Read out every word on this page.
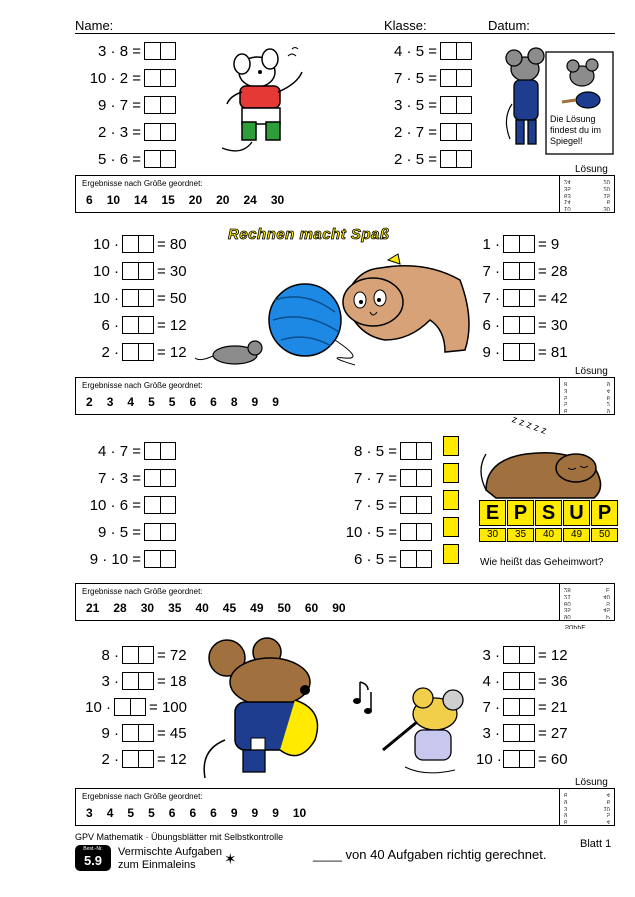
Name:	Klasse:	Datum:
3 · 8 =
10 · 2 =
9 · 7 =
2 · 3 =
5 · 6 =
4 · 5 =
7 · 5 =
3 · 5 =
2 · 7 =
2 · 5 =
Die Lösung findest du im Spiegel!
Lösung
Ergebnisse nach Größe geordnet:
6 10 14 15 20 20 24 30
24	20
35	20
63	15
14	6
10	30
10 ·	= 80
10 ·	= 30
10 ·	= 50
6 ·	= 12
2 ·	= 12
1 ·	= 9
7 ·	= 28
7 ·	= 42
6 ·	= 30
9 ·	= 81
Rechnen macht Spaß
Lösung
Ergebnisse nach Größe geordnet:
2 3 4 5 5 6 6 8 9 9
8	9
3	4
5	6
5	2
6	9
4 · 7 =
7 · 3 =
10 · 6 =
9 · 5 =
9 · 10 =
8 · 5 =
7 · 7 =
7 · 5 =
10 · 5 =
6 · 5 =
z z z z z
E
30
P
35
S
40
U
49
P
50
Wie heißt das Geheimwort?
Ergebnisse nach Größe geordnet:
21 28 30 35 40 45 49 50 60 90
28	E
21	40
60	S
35	45
90	P
SUPPE
8 ·	= 72
3 ·	= 18
10 ·	= 100
9 ·	= 45
2 ·	= 12
3 ·	= 12
4 ·	= 36
7 ·	= 21
3 ·	= 27
10 · = 60
Lösung
Ergebnisse nach Größe geordnet:
3 4 5 5 6 6 6 9 9 9 10
6	4
9	6
3	10
9	5
6	4
GPV Mathematik · Übungsblätter mit Selbstkontrolle
Best.-Nr.
5.9
Vermischte Aufgaben
zum Einmaleins ✶	____ von 40 Aufgaben richtig gerechnet.
Blatt 1
